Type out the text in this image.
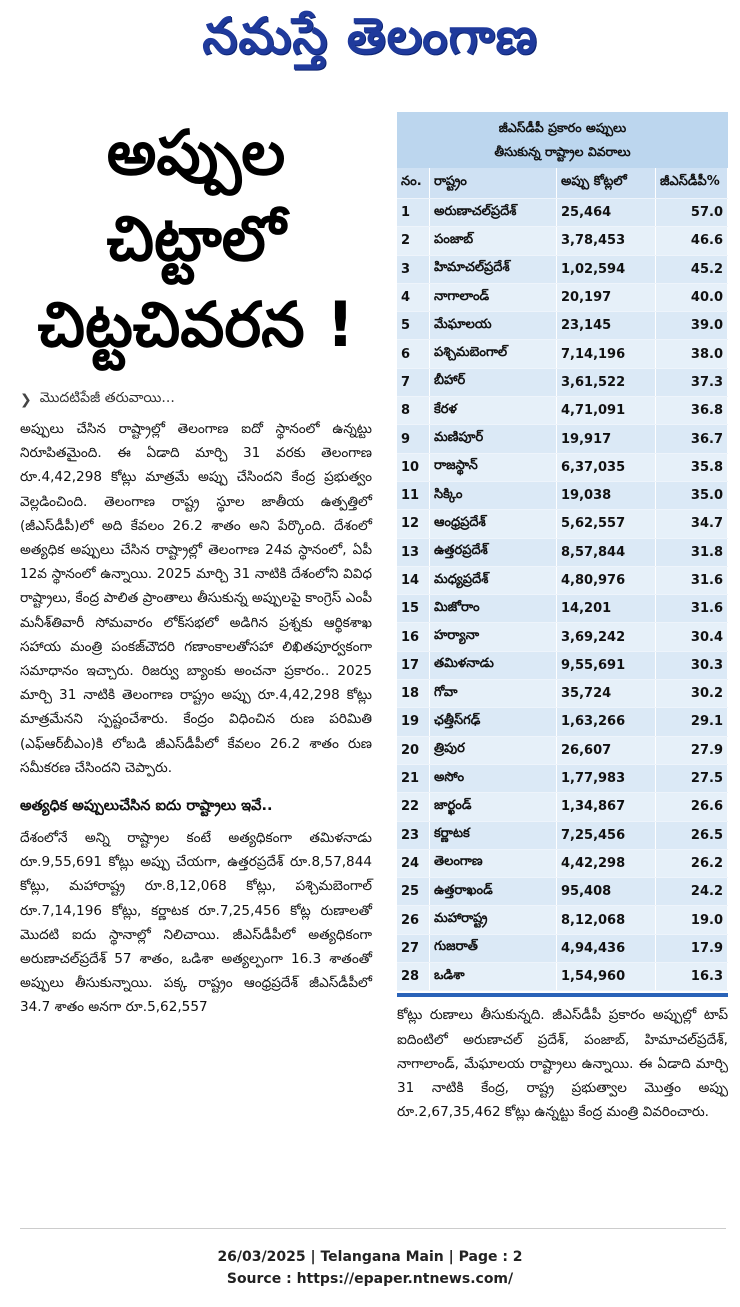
నమస్తే తెలంగాణ
అప్పుల చిట్టాలో
చిట్టచివరన !
❯ మొదటిపేజీ తరువాయి...
అప్పులు చేసిన రాష్ట్రాల్లో తెలంగాణ ఐదో స్థానంలో ఉన్నట్టు నిరూపితమైంది. ఈ ఏడాది మార్చి 31 వరకు తెలంగాణ రూ.4,42,298 కోట్లు మాత్రమే అప్పు చేసిందని కేంద్ర ప్రభుత్వం వెల్లడించింది. తెలంగాణ రాష్ట్ర స్థూల జాతీయ ఉత్పత్తిలో (జీఎస్‌డీపీ)లో అది కేవలం 26.2 శాతం అని పేర్కొంది. దేశంలో అత్యధిక అప్పులు చేసిన రాష్ట్రాల్లో తెలంగాణ 24వ స్థానంలో, ఏపీ 12వ స్థానంలో ఉన్నాయి. 2025 మార్చి 31 నాటికి దేశంలోని వివిధ రాష్ట్రాలు, కేంద్ర పాలిత ప్రాంతాలు తీసుకున్న అప్పులపై కాంగ్రెస్ ఎంపీ మనీశ్‌తివారీ సోమవారం లోక్‌సభలో అడిగిన ప్రశ్నకు ఆర్థికశాఖ సహాయ మంత్రి పంకజ్‌చౌదరి గణాంకాలతోసహా లిఖితపూర్వకంగా సమాధానం ఇచ్చారు. రిజర్వు బ్యాంకు అంచనా ప్రకారం.. 2025 మార్చి 31 నాటికి తెలంగాణ రాష్ట్రం అప్పు రూ.4,42,298 కోట్లు మాత్రమేనని స్పష్టంచేశారు. కేంద్రం విధించిన రుణ పరిమితి (ఎఫ్‌ఆర్‌బీఎం)కి లోబడి జీఎస్‌డీపీలో కేవలం 26.2 శాతం రుణ సమీకరణ చేసిందని చెప్పారు.
అత్యధిక అప్పులుచేసిన ఐదు రాష్ట్రాలు ఇవే..
దేశంలోనే అన్ని రాష్ట్రాల కంటే అత్యధికంగా తమిళనాడు రూ.9,55,691 కోట్లు అప్పు చేయగా, ఉత్తరప్రదేశ్ రూ.8,57,844 కోట్లు, మహారాష్ట్ర రూ.8,12,068 కోట్లు, పశ్చిమబెంగాల్ రూ.7,14,196 కోట్లు, కర్ణాటక రూ.7,25,456 కోట్ల రుణాలతో మొదటి ఐదు స్థానాల్లో నిలిచాయి. జీఎస్‌డీపీలో అత్యధికంగా అరుణాచల్‌ప్రదేశ్ 57 శాతం, ఒడిశా అత్యల్పంగా 16.3 శాతంతో అప్పులు తీసుకున్నాయి. పక్క రాష్ట్రం ఆంధ్రప్రదేశ్ జీఎస్‌డీపీలో 34.7 శాతం అనగా రూ.5,62,557
జీఎస్‌డీపీ ప్రకారం అప్పులు
తీసుకున్న రాష్ట్రాల వివరాలు
నం.	రాష్ట్రం	అప్పు కోట్లలో	జీఎస్‌డీపీ%
1	అరుణాచల్‌ప్రదేశ్	25,464	57.0
2	పంజాబ్	3,78,453	46.6
3	హిమాచల్‌ప్రదేశ్	1,02,594	45.2
4	నాగాలాండ్	20,197	40.0
5	మేఘాలయ	23,145	39.0
6	పశ్చిమబెంగాల్	7,14,196	38.0
7	బీహార్	3,61,522	37.3
8	కేరళ	4,71,091	36.8
9	మణిపూర్	19,917	36.7
10	రాజస్థాన్	6,37,035	35.8
11	సిక్కిం	19,038	35.0
12	ఆంధ్రప్రదేశ్	5,62,557	34.7
13	ఉత్తరప్రదేశ్	8,57,844	31.8
14	మధ్యప్రదేశ్	4,80,976	31.6
15	మిజోరాం	14,201	31.6
16	హర్యానా	3,69,242	30.4
17	తమిళనాడు	9,55,691	30.3
18	గోవా	35,724	30.2
19	ఛత్తీస్‌గఢ్	1,63,266	29.1
20	త్రిపుర	26,607	27.9
21	అసోం	1,77,983	27.5
22	జార్ఖండ్	1,34,867	26.6
23	కర్ణాటక	7,25,456	26.5
24	తెలంగాణ	4,42,298	26.2
25	ఉత్తరాఖండ్	95,408	24.2
26	మహారాష్ట్ర	8,12,068	19.0
27	గుజరాత్	4,94,436	17.9
28	ఒడిశా	1,54,960	16.3
కోట్లు రుణాలు తీసుకున్నది. జీఎస్‌డీపీ ప్రకారం అప్పుల్లో టాప్ ఐదింటిలో అరుణాచల్ ప్రదేశ్, పంజాబ్, హిమాచల్‌ప్రదేశ్, నాగాలాండ్, మేఘాలయ రాష్ట్రాలు ఉన్నాయి. ఈ ఏడాది మార్చి 31 నాటికి కేంద్ర, రాష్ట్ర ప్రభుత్వాల మొత్తం అప్పు రూ.2,67,35,462 కోట్లు ఉన్నట్టు కేంద్ర మంత్రి వివరించారు.
26/03/2025 | Telangana Main | Page : 2
Source : https://epaper.ntnews.com/
